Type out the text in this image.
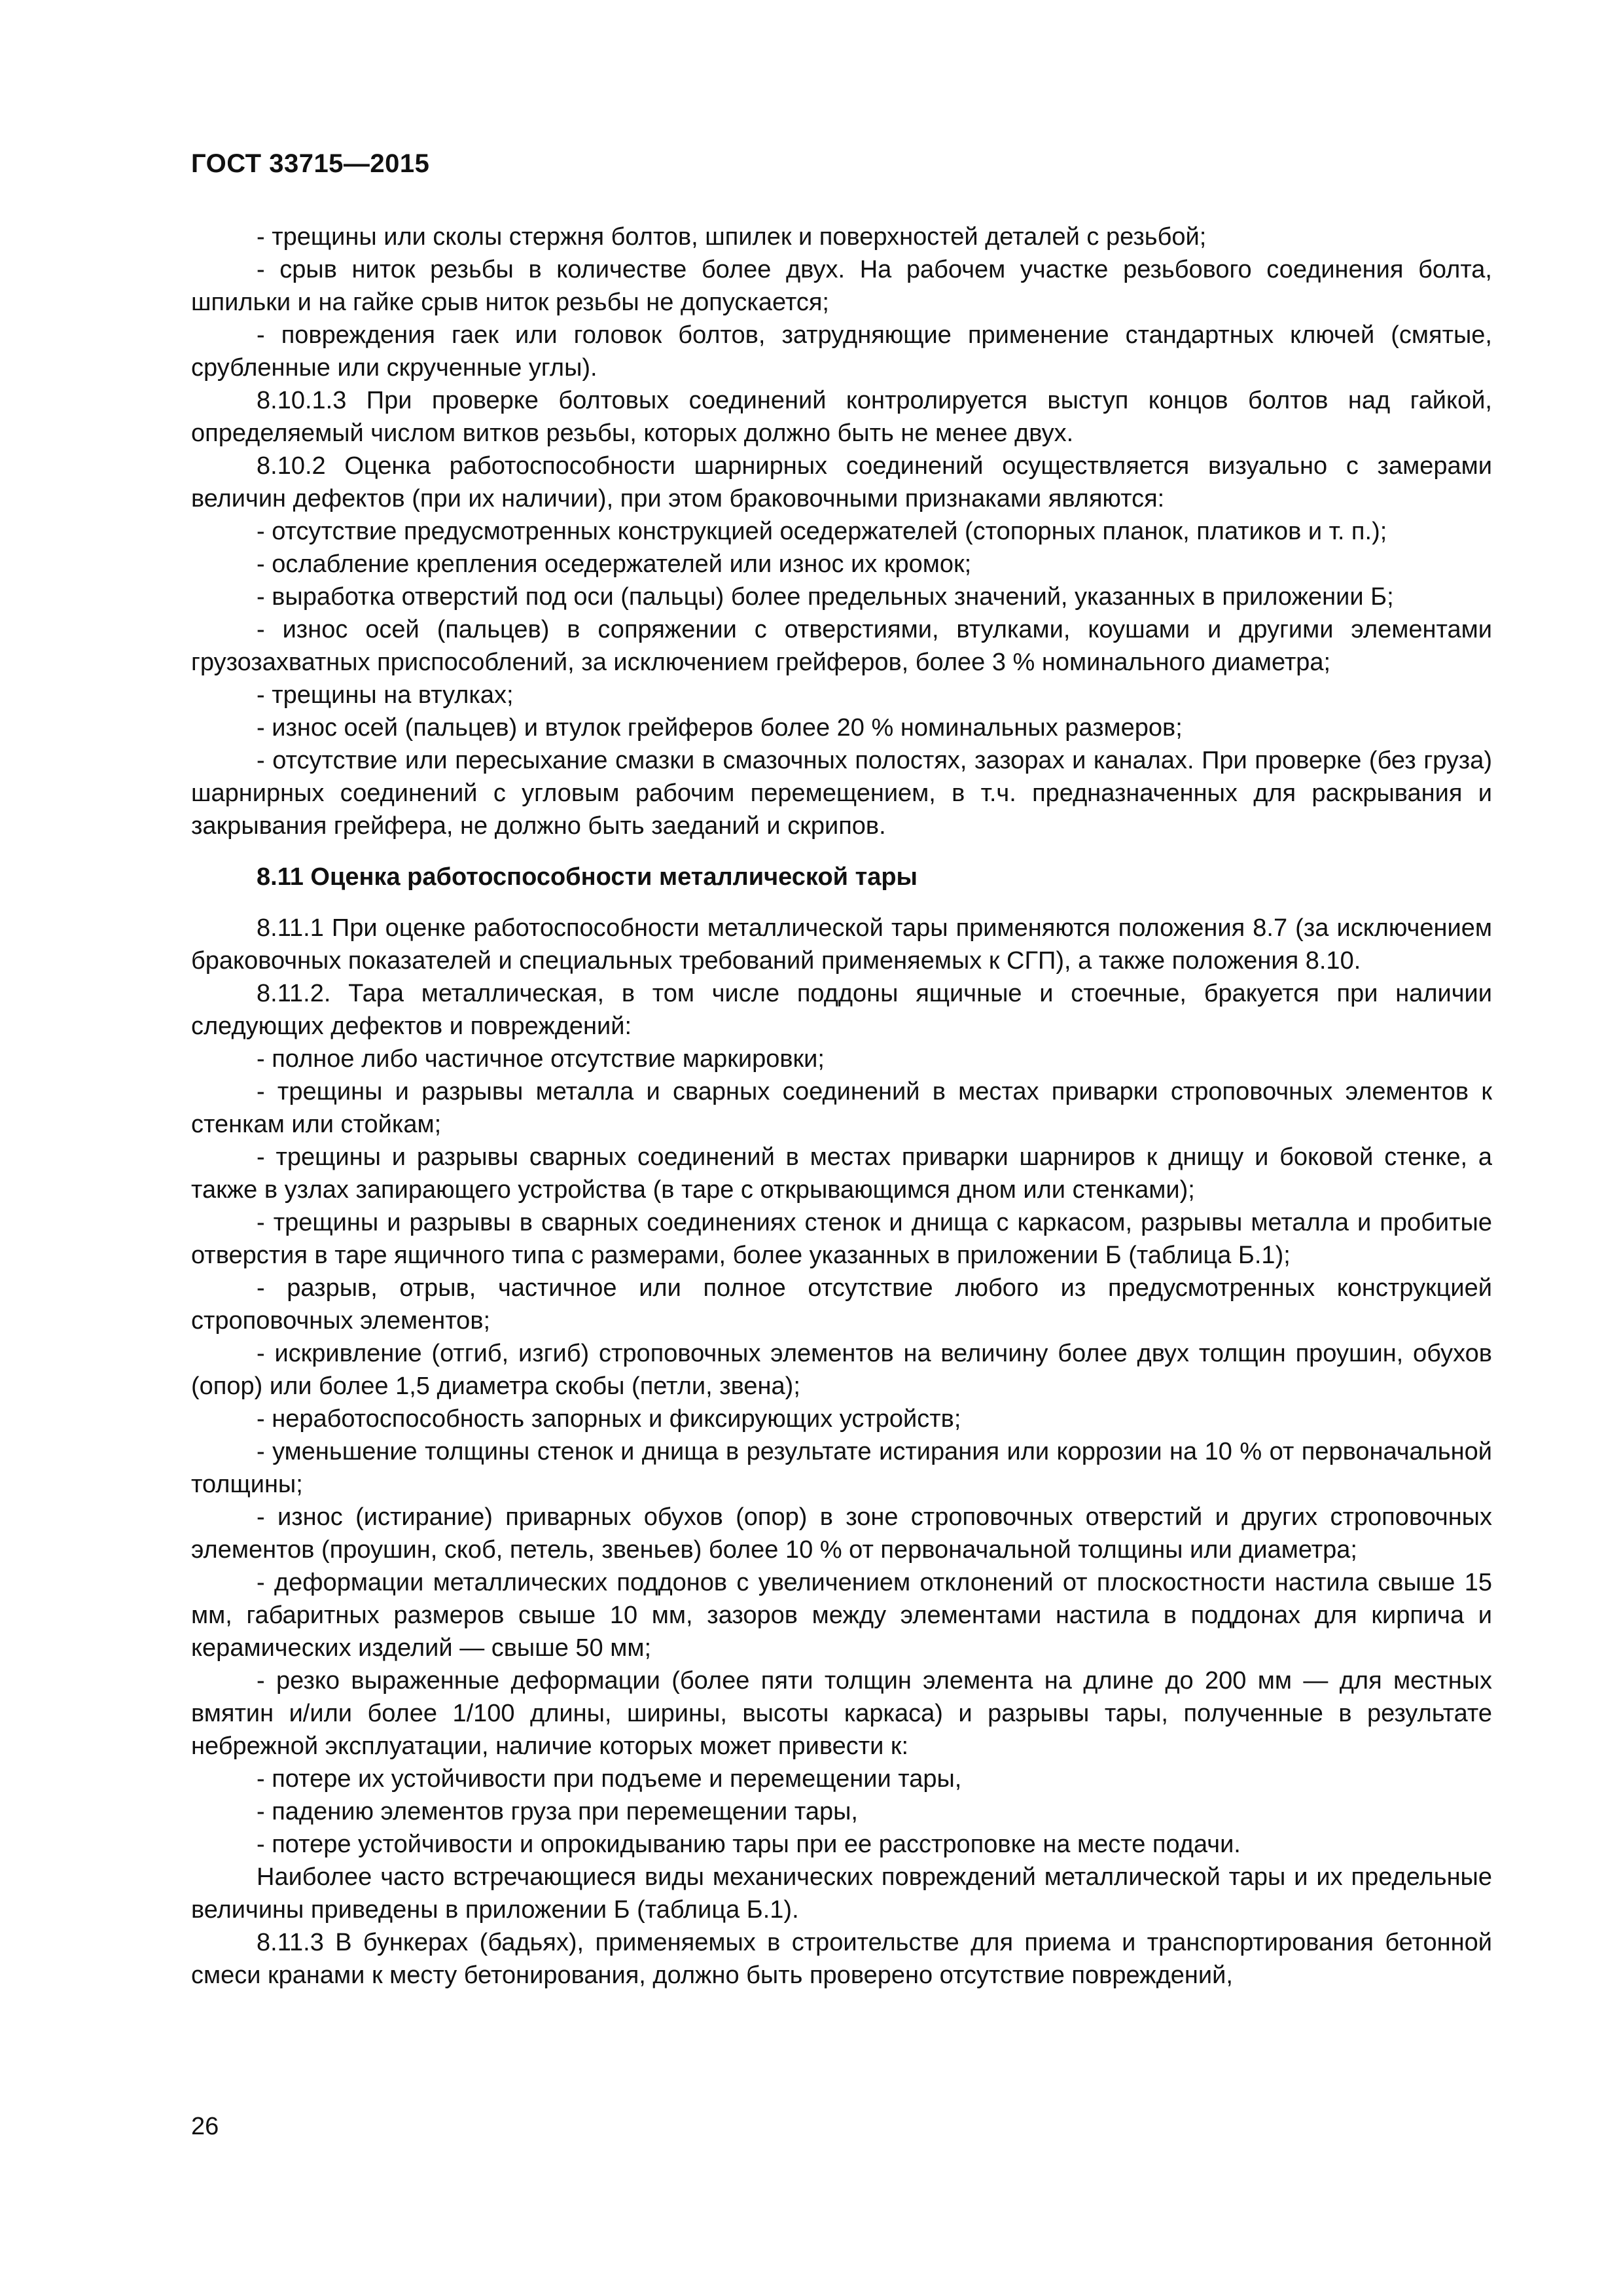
ГОСТ 33715—2015

- трещины или сколы стержня болтов, шпилек и поверхностей деталей с резьбой;

- срыв ниток резьбы в количестве более двух. На рабочем участке резьбового соединения болта, шпильки и на гайке срыв ниток резьбы не допускается;

- повреждения гаек или головок болтов, затрудняющие применение стандартных ключей (смятые, срубленные или скрученные углы).

8.10.1.3 При проверке болтовых соединений контролируется выступ концов болтов над гайкой, определяемый числом витков резьбы, которых должно быть не менее двух.

8.10.2 Оценка работоспособности шарнирных соединений осуществляется визуально с замерами величин дефектов (при их наличии), при этом браковочными признаками являются:

- отсутствие предусмотренных конструкцией оседержателей (стопорных планок, платиков и т. п.);

- ослабление крепления оседержателей или износ их кромок;

- выработка отверстий под оси (пальцы) более предельных значений, указанных в приложении Б;

- износ осей (пальцев) в сопряжении с отверстиями, втулками, коушами и другими элементами грузозахватных приспособлений, за исключением грейферов, более 3 % номинального диаметра;

- трещины на втулках;

- износ осей (пальцев) и втулок грейферов более 20 % номинальных размеров;

- отсутствие или пересыхание смазки в смазочных полостях, зазорах и каналах. При проверке (без груза) шарнирных соединений с угловым рабочим перемещением, в т.ч. предназначенных для раскрывания и закрывания грейфера, не должно быть заеданий и скрипов.

8.11 Оценка работоспособности металлической тары

8.11.1 При оценке работоспособности металлической тары применяются положения 8.7 (за исключением браковочных показателей и специальных требований применяемых к СГП), а также положения 8.10.

8.11.2. Тара металлическая, в том числе поддоны ящичные и стоечные, бракуется при наличии следующих дефектов и повреждений:

- полное либо частичное отсутствие маркировки;

- трещины и разрывы металла и сварных соединений в местах приварки строповочных элементов к стенкам или стойкам;

- трещины и разрывы сварных соединений в местах приварки шарниров к днищу и боковой стенке, а также в узлах запирающего устройства (в таре с открывающимся дном или стенками);

- трещины и разрывы в сварных соединениях стенок и днища с каркасом, разрывы металла и пробитые отверстия в таре ящичного типа с размерами, более указанных в приложении Б (таблица Б.1);

- разрыв, отрыв, частичное или полное отсутствие любого из предусмотренных конструкцией строповочных элементов;

- искривление (отгиб, изгиб) строповочных элементов на величину более двух толщин проушин, обухов (опор) или более 1,5 диаметра скобы (петли, звена);

- неработоспособность запорных и фиксирующих устройств;

- уменьшение толщины стенок и днища в результате истирания или коррозии на 10 % от первоначальной толщины;

- износ (истирание) приварных обухов (опор) в зоне строповочных отверстий и других строповочных элементов (проушин, скоб, петель, звеньев) более 10 % от первоначальной толщины или диаметра;

- деформации металлических поддонов с увеличением отклонений от плоскостности настила свыше 15 мм, габаритных размеров свыше 10 мм, зазоров между элементами настила в поддонах для кирпича и керамических изделий — свыше 50 мм;

- резко выраженные деформации (более пяти толщин элемента на длине до 200 мм — для местных вмятин и/или более 1/100 длины, ширины, высоты каркаса) и разрывы тары, полученные в результате небрежной эксплуатации, наличие которых может привести к:

- потере их устойчивости при подъеме и перемещении тары,

- падению элементов груза при перемещении тары,

- потере устойчивости и опрокидыванию тары при ее расстроповке на месте подачи.

Наиболее часто встречающиеся виды механических повреждений металлической тары и их предельные величины приведены в приложении Б (таблица Б.1).

8.11.3 В бункерах (бадьях), применяемых в строительстве для приема и транспортирования бетонной смеси кранами к месту бетонирования, должно быть проверено отсутствие повреждений,

26
